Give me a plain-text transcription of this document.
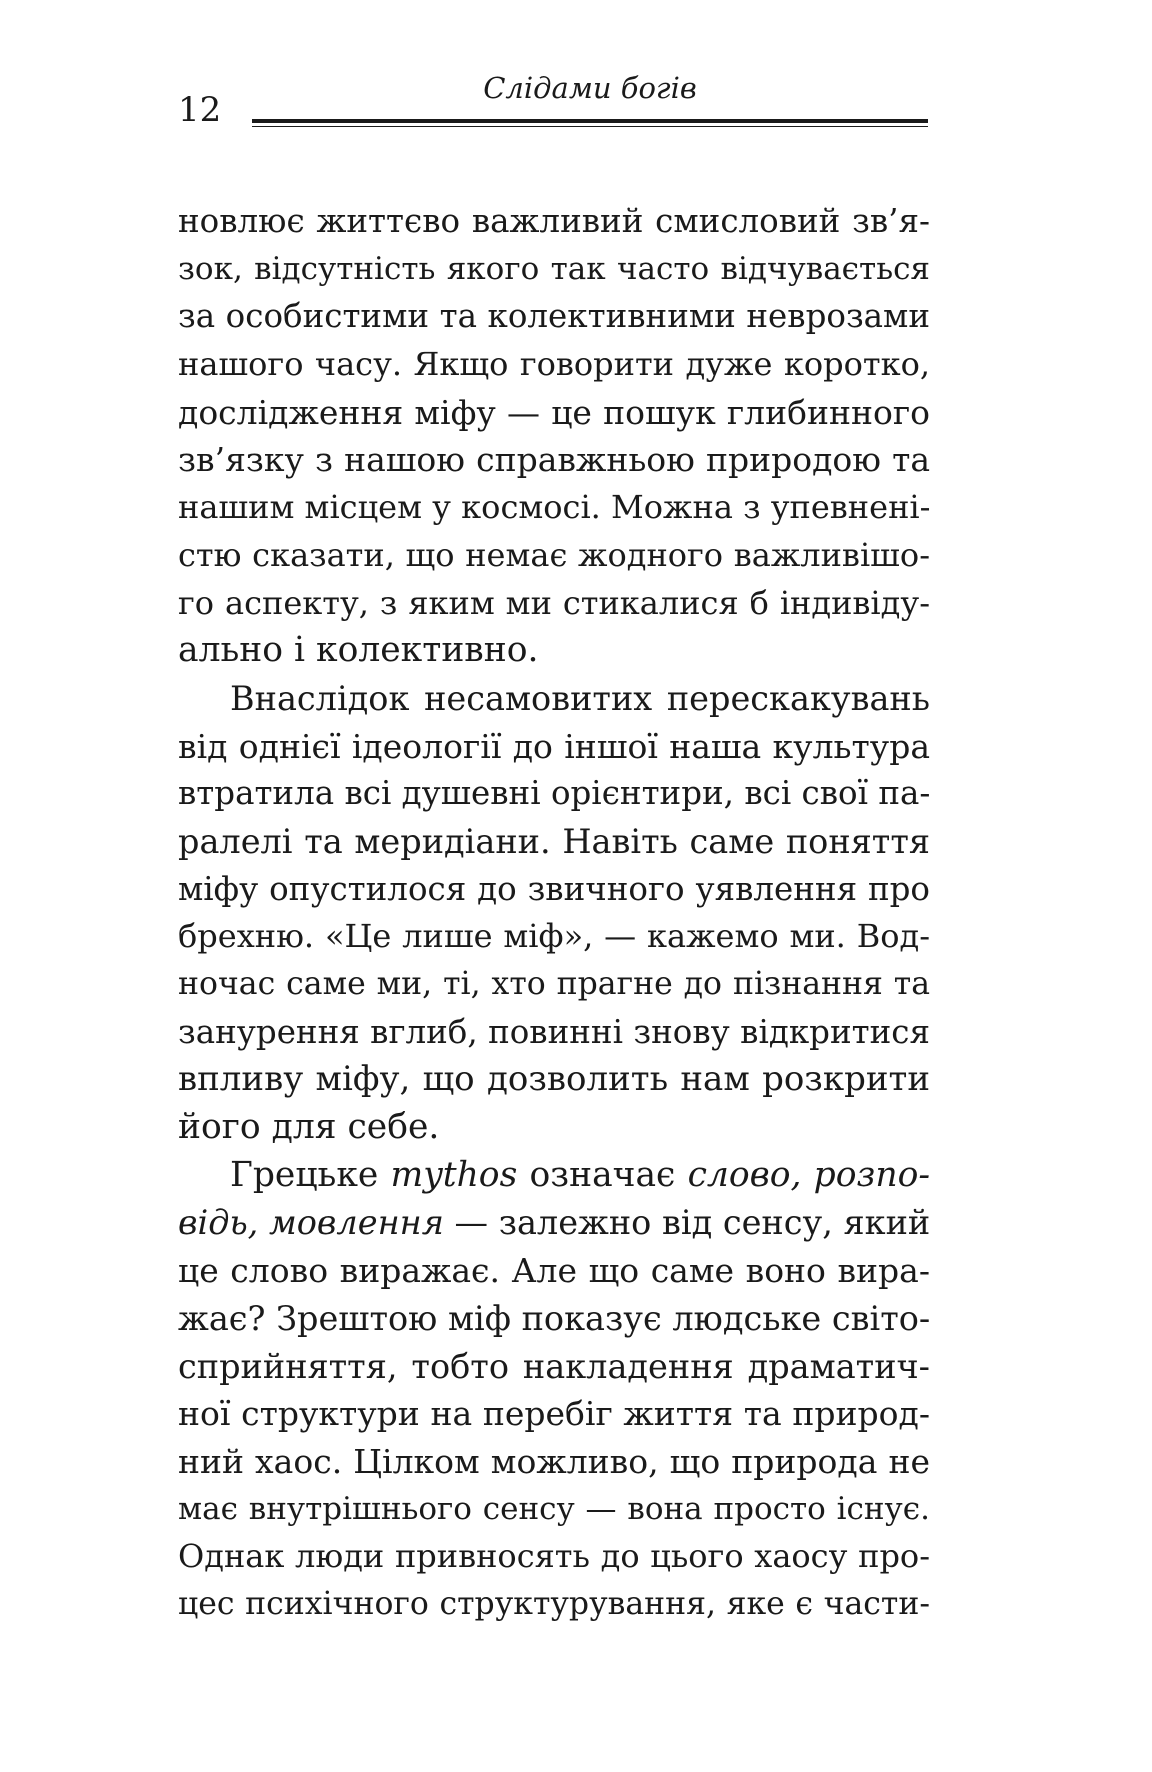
12
Слідами богів
новлює життєво важливий смисловий зв’я-
зок, відсутність якого так часто відчувається
за особистими та колективними неврозами
нашого часу. Якщо говорити дуже коротко,
дослідження міфу — це пошук глибинного
зв’язку з нашою справжньою природою та
нашим місцем у космосі. Можна з упевнені-
стю сказати, що немає жодного важливішо-
го аспекту, з яким ми стикалися б індивіду-
ально і колективно.
Внаслідок несамовитих перескакувань
від однієї ідеології до іншої наша культура
втратила всі душевні орієнтири, всі свої па-
ралелі та меридіани. Навіть саме поняття
міфу опустилося до звичного уявлення про
брехню. «Це лише міф», — кажемо ми. Вод-
ночас саме ми, ті, хто прагне до пізнання та
занурення вглиб, повинні знову відкритися
впливу міфу, що дозволить нам розкрити
його для себе.
Грецьке mythos означає слово, розпо-
відь, мовлення — залежно від сенсу, який
це слово виражає. Але що саме воно вира-
жає? Зрештою міф показує людське світо-
сприйняття, тобто накладення драматич-
ної структури на перебіг життя та природ-
ний хаос. Цілком можливо, що природа не
має внутрішнього сенсу — вона просто існує.
Однак люди привносять до цього хаосу про-
цес психічного структурування, яке є части-
